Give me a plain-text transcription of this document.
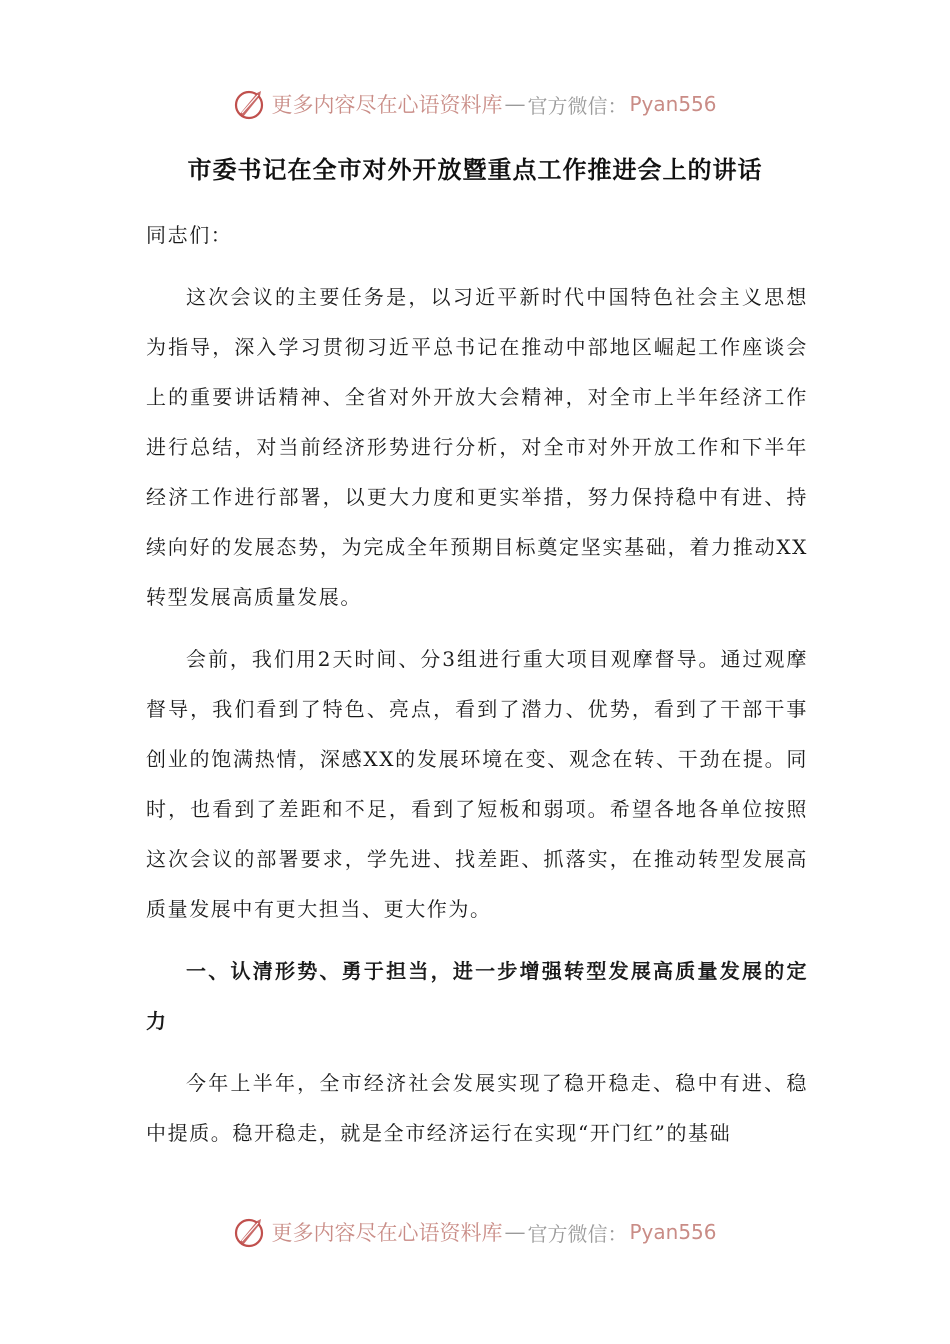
更多内容尽在心语资料库 — 官方微信： Pyan556
市委书记在全市对外开放暨重点工作推进会上的讲话

同志们：

这次会议的主要任务是，以习近平新时代中国特色社会主义思想为指导，深入学习贯彻习近平总书记在推动中部地区崛起工作座谈会上的重要讲话精神、全省对外开放大会精神，对全市上半年经济工作进行总结，对当前经济形势进行分析，对全市对外开放工作和下半年经济工作进行部署，以更大力度和更实举措，努力保持稳中有进、持续向好的发展态势，为完成全年预期目标奠定坚实基础，着力推动XX转型发展高质量发展。

会前，我们用2天时间、分3组进行重大项目观摩督导。通过观摩督导，我们看到了特色、亮点，看到了潜力、优势，看到了干部干事创业的饱满热情，深感XX的发展环境在变、观念在转、干劲在提。同时，也看到了差距和不足，看到了短板和弱项。希望各地各单位按照这次会议的部署要求，学先进、找差距、抓落实，在推动转型发展高质量发展中有更大担当、更大作为。

一、认清形势、勇于担当，进一步增强转型发展高质量发展的定力

今年上半年，全市经济社会发展实现了稳开稳走、稳中有进、稳中提质。稳开稳走，就是全市经济运行在实现“开门红”的基础

更多内容尽在心语资料库 — 官方微信： Pyan556
